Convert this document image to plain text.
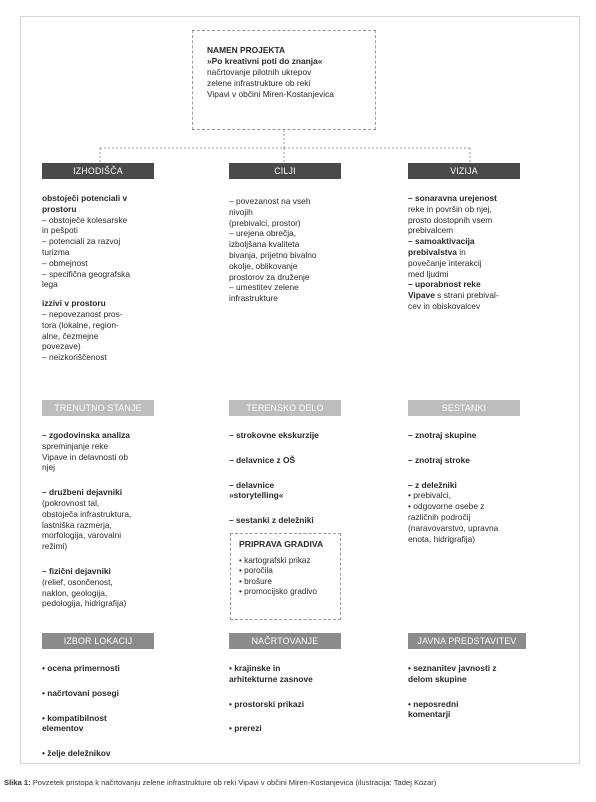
NAMEN PROJEKTA
»Po kreativni poti do znanja«
načrtovanje pilotnih ukrepov
zelene infrastrukture ob reki
Vipavi v občini Miren-Kostanjevica
IZHODIŠČA	CILJI	VIZIJA

obstoječi potenciali v

prostoru

– obstoječe kolesarske

in pešpoti

– potenciali za razvoj

turizma

– obmejnost

– specifična geografska

lega

izzivi v prostoru

– nepovezanost pros-

tora (lokalne, region-

alne, čezmejne

povezave)

– neizkoriščenost

– povezanost na vseh

nivojih

(prebivalci, prostor)

– urejena obrečja,

izboljšana kvaliteta

bivanja, prijetno bivalno

okolje, oblikovanje

prostorov za druženje

– umestitev zelene

infrastrukture

– sonaravna urejenost

reke in površin ob njej,

prosto dostopnih vsem

prebivalcem

– samoaktivacija

prebivalstva in

povečanje interakcij

med ljudmi

– uporabnost reke

Vipave s strani prebival-

cev in obiskovalcev

TRENUTNO STANJE	TERENSKO DELO	SESTANKI

– zgodovinska analiza

spreminjanje reke

Vipave in delavnosti ob

njej

– družbeni dejavniki

(pokrovnost tal,

obstoječa infrastruktura,

lastniška razmerja,

morfologija, varovalni

režimi)

– fizični dejavniki

(relief, osončenost,

naklon, geologija,

pedologija, hidrigrafija)

– strokovne ekskurzije

– delavnice z OŠ

– delavnice

»storytelling«

– sestanki z deležniki

PRIPRAVA GRADIVA
• kartografski prikaz
• poročila
• brošure
• promocijsko gradivo

– znotraj skupine

– znotraj stroke

– z deležniki

• prebivalci,

• odgovorne osebe z

različnih področij

(naravovarstvo, upravna

enota, hidrigrafija)

IZBOR LOKACIJ	NAČRTOVANJE	JAVNA PREDSTAVITEV

• ocena primernosti

• načrtovani posegi

• kompatibilnost

elementov

• želje deležnikov

• krajinske in

arhitekturne zasnove

• prostorski prikazi

• prerezi

• seznanitev javnosti z

delom skupine

• neposredni

komentarji

Slika 1: Povzetek pristopa k načrtovanju zelene infrastrukture ob reki Vipavi v občini Miren-Kostanjevica (ilustracija: Tadej Kozar)
